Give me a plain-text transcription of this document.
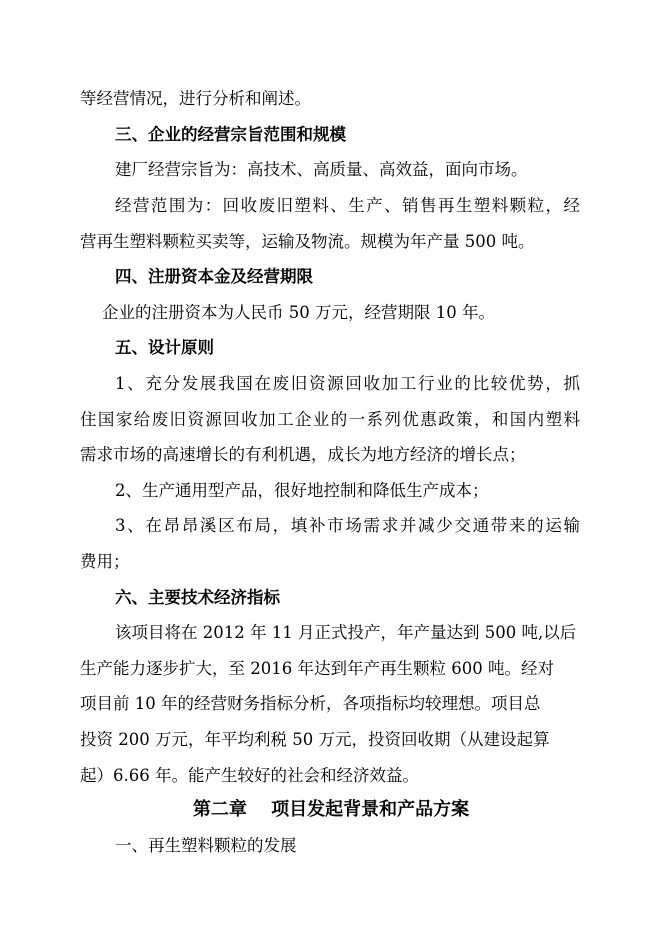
等经营情况，进行分析和阐述。
三、企业的经营宗旨范围和规模
建厂经营宗旨为：高技术、高质量、高效益，面向市场。
经营范围为：回收废旧塑料、生产、销售再生塑料颗粒，经
营再生塑料颗粒买卖等，运输及物流。规模为年产量 500 吨。
四、注册资本金及经营期限
企业的注册资本为人民币 50 万元，经营期限 10 年。
五、设计原则
1、充分发展我国在废旧资源回收加工行业的比较优势，抓
住国家给废旧资源回收加工企业的一系列优惠政策，和国内塑料
需求市场的高速增长的有利机遇，成长为地方经济的增长点；
2、生产通用型产品，很好地控制和降低生产成本；
3、在昂昂溪区布局，填补市场需求并减少交通带来的运输
费用；
六、主要技术经济指标
该项目将在 2012 年 11 月正式投产，年产量达到 500 吨,以后
生产能力逐步扩大，至 2016 年达到年产再生颗粒 600 吨。经对
项目前 10 年的经营财务指标分析，各项指标均较理想。项目总
投资 200 万元，年平均利税 50 万元，投资回收期（从建设起算
起）6.66 年。能产生较好的社会和经济效益。
第二章　 项目发起背景和产品方案
一、再生塑料颗粒的发展
